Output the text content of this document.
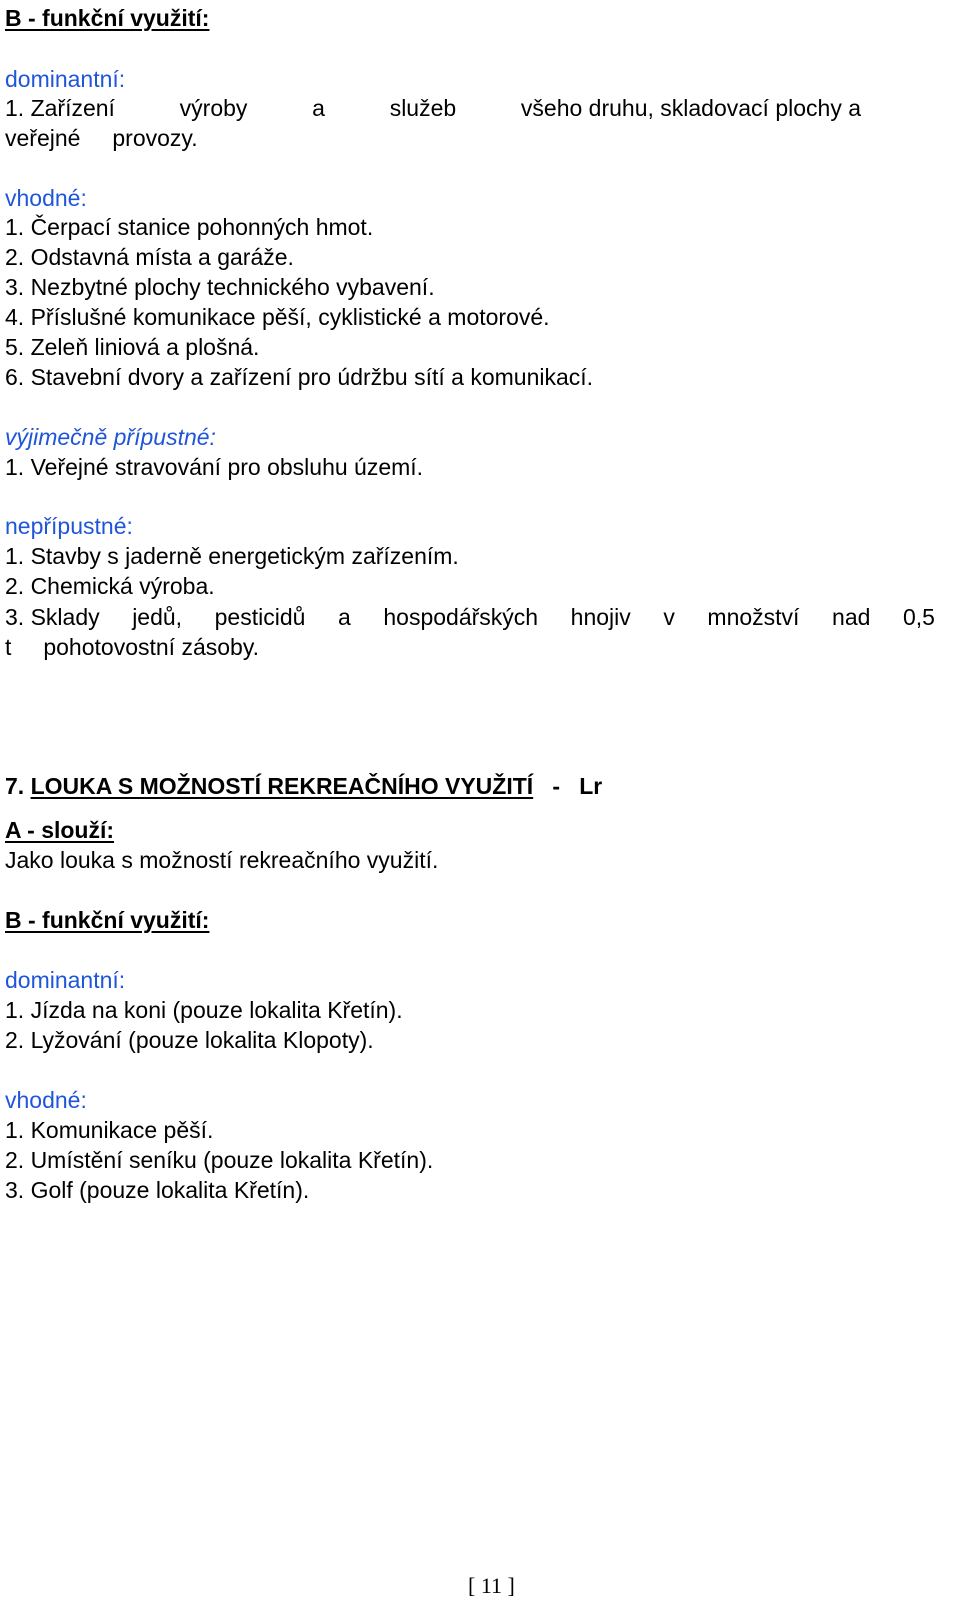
B - funkční využití:
dominantní:
1. Zařízení	výroby	a	služeb	všeho druhu, skladovací plochy a
veřejné     provozy.
vhodné:
1. Čerpací stanice pohonných hmot.
2. Odstavná místa a garáže.
3. Nezbytné plochy technického vybavení.
4. Příslušné komunikace pěší, cyklistické a motorové.
5. Zeleň liniová a plošná.
6. Stavební dvory a zařízení pro údržbu sítí a komunikací.
výjimečně přípustné:
1. Veřejné stravování pro obsluhu území.
nepřípustné:
1. Stavby s jaderně energetickým zařízením.
2. Chemická výroba.
3. Sklady jedů, pesticidů a hospodářských hnojiv v množství nad 0,5
t     pohotovostní zásoby.
7. LOUKA S MOŽNOSTÍ REKREAČNÍHO VYUŽITÍ   -   Lr
A - slouží:
Jako louka s možností rekreačního využití.
B - funkční využití:
dominantní:
1. Jízda na koni (pouze lokalita Křetín).
2. Lyžování (pouze lokalita Klopoty).
vhodné:
1. Komunikace pěší.
2. Umístění seníku (pouze lokalita Křetín).
3. Golf (pouze lokalita Křetín).
[ 11 ]
